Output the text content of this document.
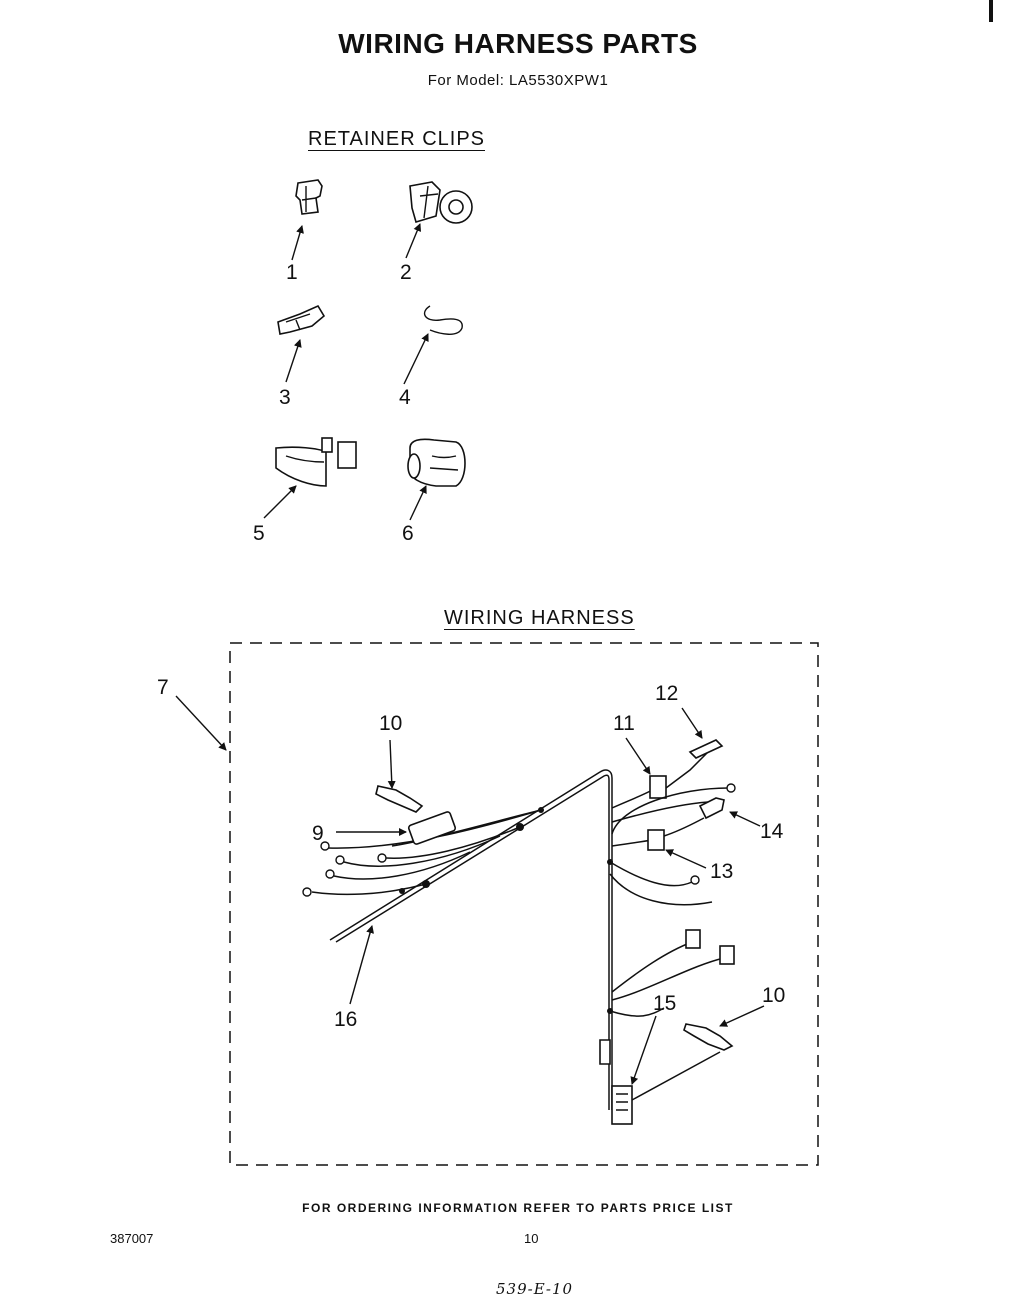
WIRING HARNESS PARTS
For Model: LA5530XPW1
RETAINER CLIPS
WIRING HARNESS
1	2
3	4
5	6
7
9
10	11
12
13
14
15	10
16
FOR ORDERING INFORMATION REFER TO PARTS PRICE LIST
387007	10
539-E-10
